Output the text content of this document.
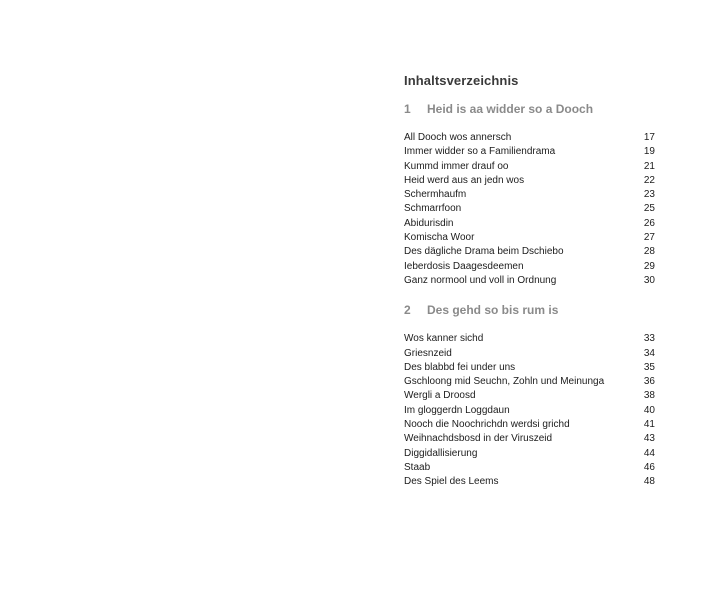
Inhaltsverzeichnis
1	Heid is aa widder so a Dooch
All Dooch wos annersch	17
Immer widder so a Familiendrama	19
Kummd immer drauf oo	21
Heid werd aus an jedn wos	22
Schermhaufm	23
Schmarrfoon	25
Abidurisdin	26
Komischa Woor	27
Des dägliche Drama beim Dschiebo	28
Ieberdosis Daagesdeemen	29
Ganz normool und voll in Ordnung	30
2	Des gehd so bis rum is
Wos kanner sichd	33
Griesnzeid	34
Des blabbd fei under uns	35
Gschloong mid Seuchn, Zohln und Meinunga	36
Wergli a Droosd	38
Im gloggerdn Loggdaun	40
Nooch die Noochrichdn werdsi grichd	41
Weihnachdsbosd in der Viruszeid	43
Diggidallisierung	44
Staab	46
Des Spiel des Leems	48
